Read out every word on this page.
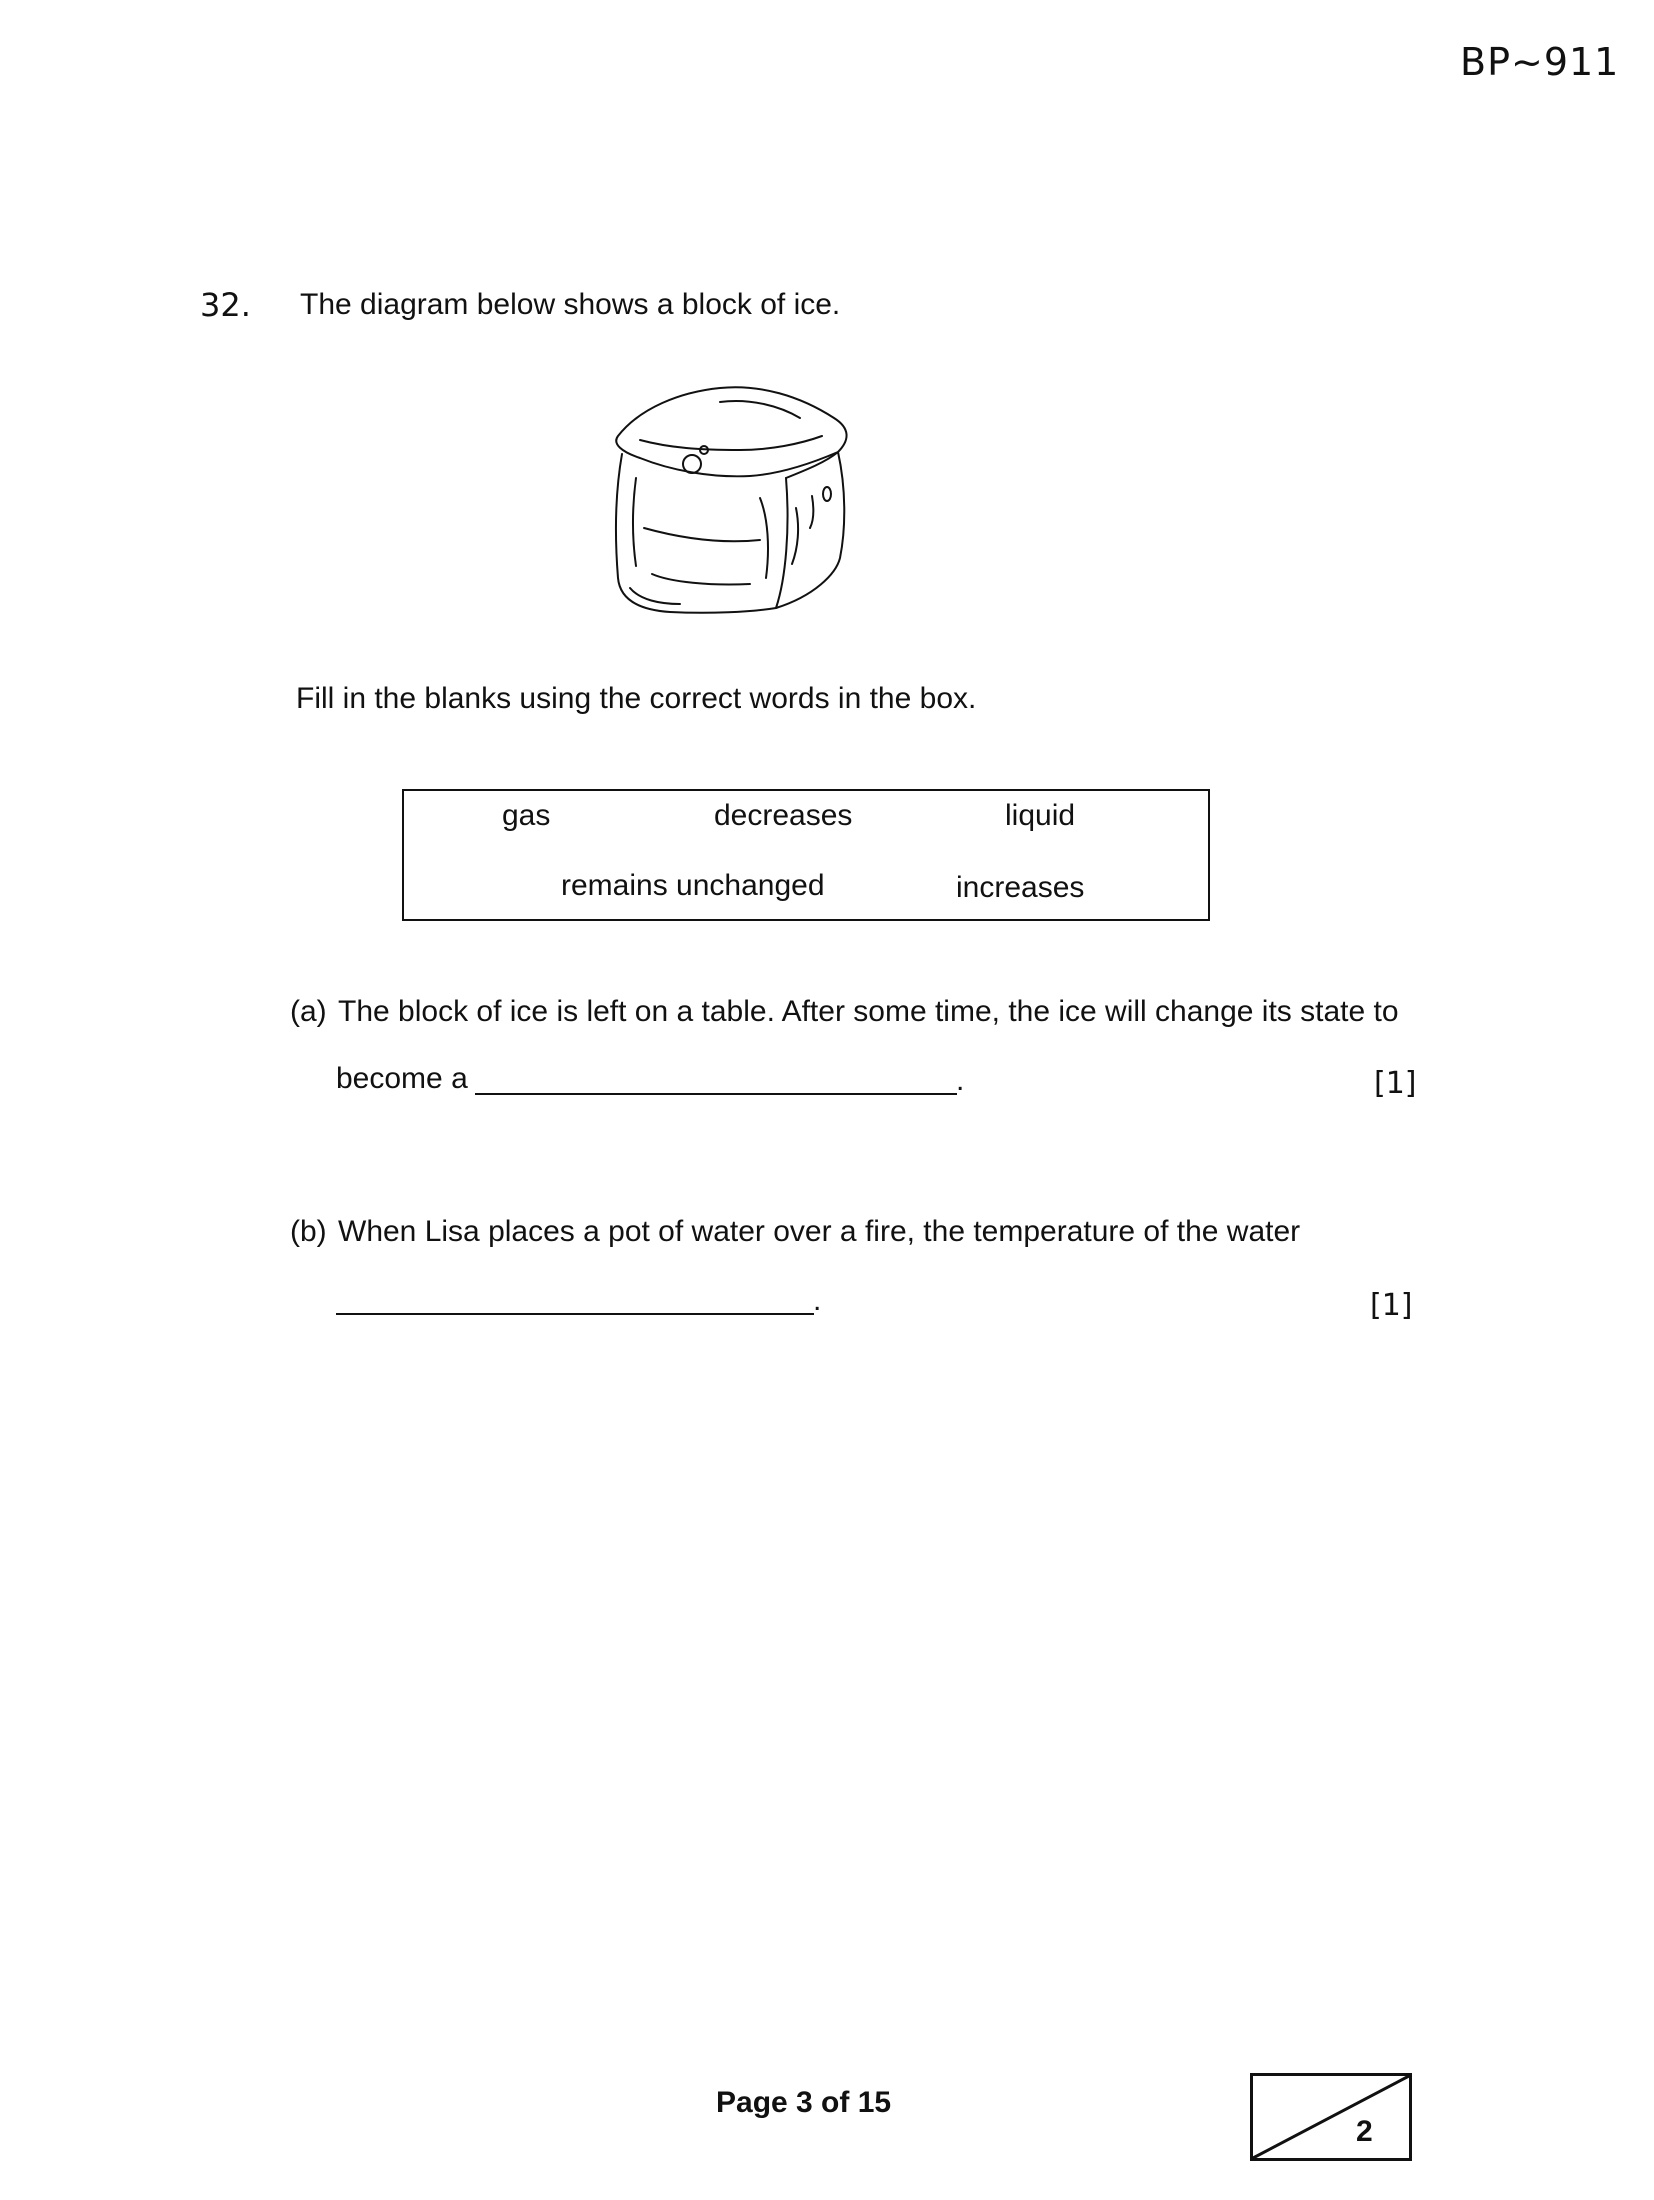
BP~911
32. The diagram below shows a block of ice.
Fill in the blanks using the correct words in the box.
gas	decreases	liquid
remains unchanged	increases
(a) The block of ice is left on a table. After some time, the ice will change its state to
become a	.	[1]
(b) When Lisa places a pot of water over a fire, the temperature of the water
.	[1]
Page 3 of 15
2
